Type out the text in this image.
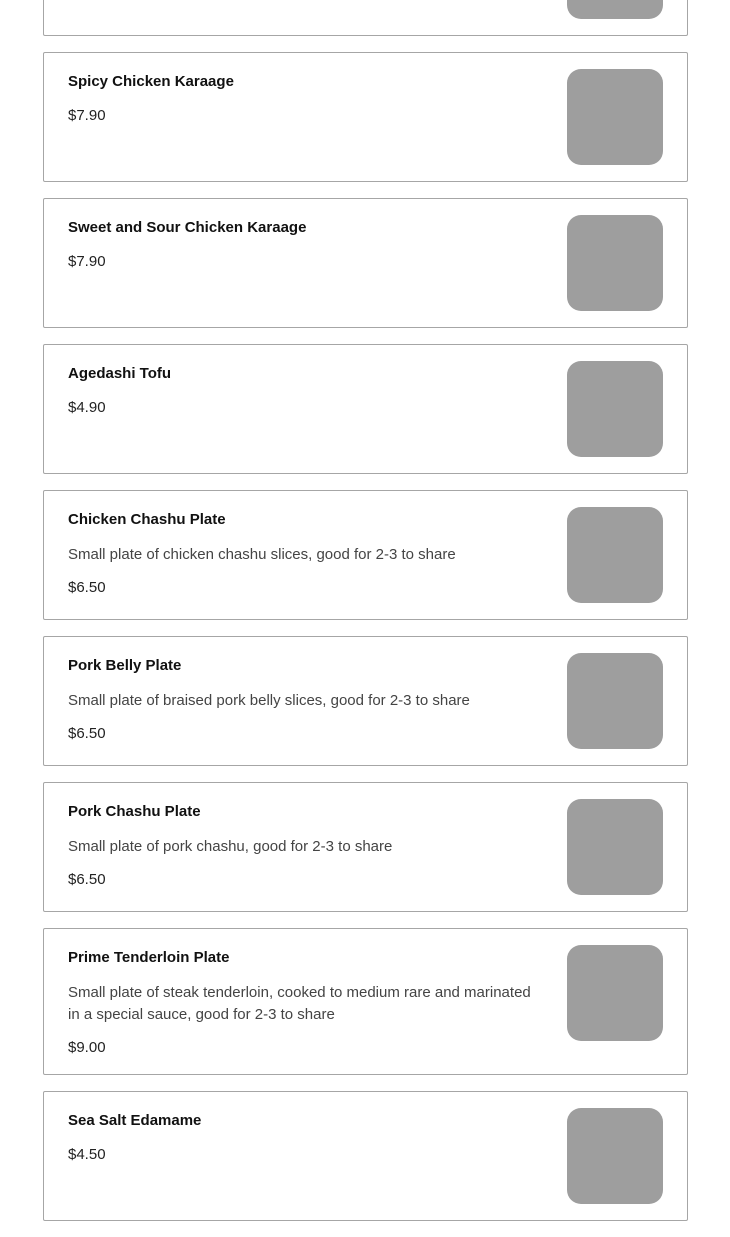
Spicy Chicken Karaage

$7.90

Sweet and Sour Chicken Karaage

$7.90

Agedashi Tofu

$4.90

Chicken Chashu Plate

Small plate of chicken chashu slices, good for 2-3 to share

$6.50

Pork Belly Plate

Small plate of braised pork belly slices, good for 2-3 to share

$6.50

Pork Chashu Plate

Small plate of pork chashu, good for 2-3 to share

$6.50

Prime Tenderloin Plate

Small plate of steak tenderloin, cooked to medium rare and marinated in a special sauce, good for 2-3 to share

$9.00

Sea Salt Edamame

$4.50
